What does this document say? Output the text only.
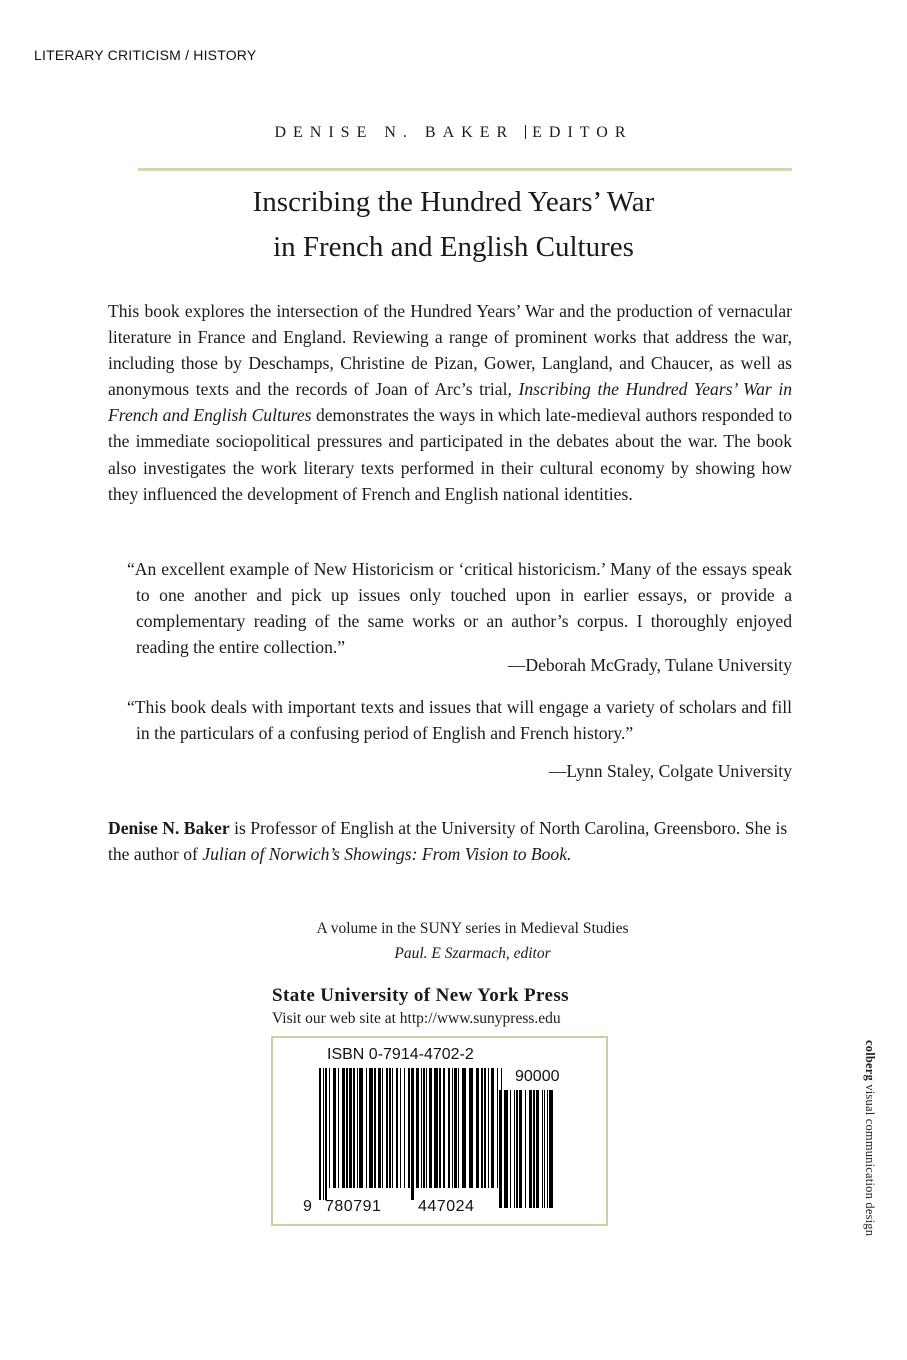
LITERARY CRITICISM / HISTORY
DENISE N. BAKER EDITOR
Inscribing the Hundred Years’ War
in French and English Cultures

This book explores the intersection of the Hundred Years’ War and the production of vernacular literature in France and England. Reviewing a range of prominent works that address the war, including those by Deschamps, Christine de Pizan, Gower, Langland, and Chaucer, as well as anonymous texts and the records of Joan of Arc’s trial, Inscribing the Hundred Years’ War in French and English Cultures demonstrates the ways in which late-medieval authors responded to the immediate sociopolitical pressures and participated in the debates about the war. The book also investigates the work literary texts performed in their cultural economy by showing how they influenced the development of French and English national identities.

“An excellent example of New Historicism or ‘critical historicism.’ Many of the essays speak to one another and pick up issues only touched upon in earlier essays, or provide a complementary reading of the same works or an author’s corpus. I thoroughly enjoyed reading the entire collection.”

—Deborah McGrady, Tulane University

“This book deals with important texts and issues that will engage a variety of scholars and fill in the particulars of a confusing period of English and French history.”

—Lynn Staley, Colgate University

Denise N. Baker is Professor of English at the University of North Carolina, Greensboro. She is the author of Julian of Norwich’s Showings: From Vision to Book.

A volume in the SUNY series in Medieval Studies
Paul. E Szarmach, editor
State University of New York Press
Visit our web site at http://www.sunypress.edu
ISBN 0-7914-4702-2
90000
9 780791 447024
colberg visual communication design
